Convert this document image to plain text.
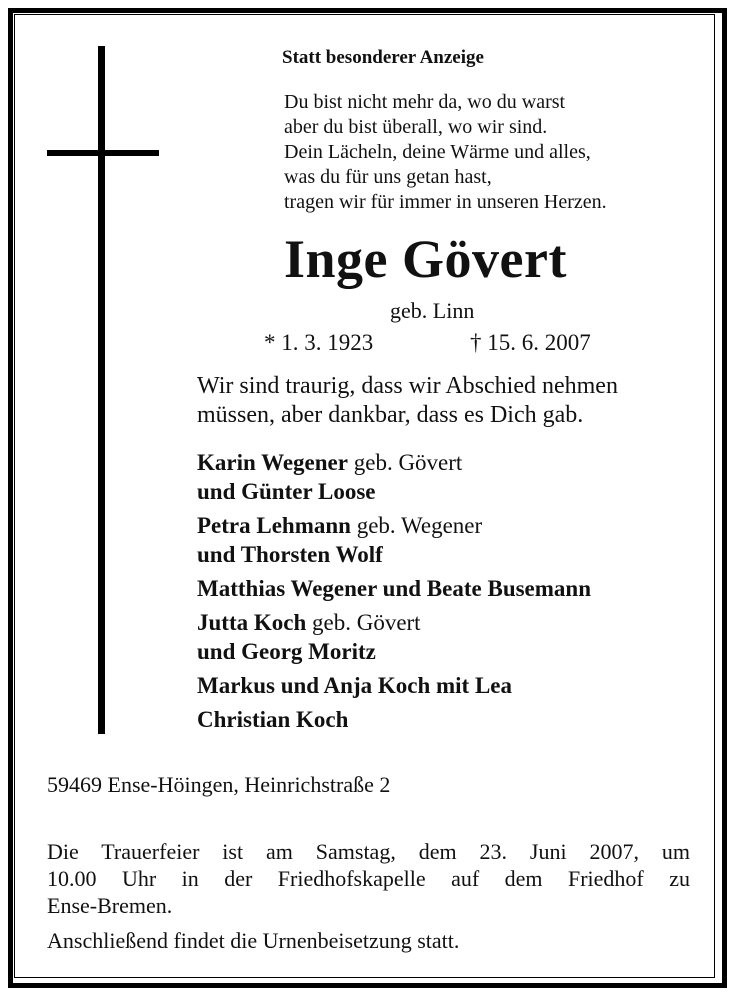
Statt besonderer Anzeige
Du bist nicht mehr da, wo du warst
aber du bist überall, wo wir sind.
Dein Lächeln, deine Wärme und alles,
was du für uns getan hast,
tragen wir für immer in unseren Herzen.
Inge Gövert
geb. Linn
* 1. 3. 1923	† 15. 6. 2007
Wir sind traurig, dass wir Abschied nehmen
müssen, aber dankbar, dass es Dich gab.
Karin Wegener geb. Gövert
und Günter Loose
Petra Lehmann geb. Wegener
und Thorsten Wolf
Matthias Wegener und Beate Busemann
Jutta Koch geb. Gövert
und Georg Moritz
Markus und Anja Koch mit Lea
Christian Koch
59469 Ense-Höingen, Heinrichstraße 2
Die Trauerfeier ist am Samstag, dem 23. Juni 2007, um
10.00 Uhr in der Friedhofskapelle auf dem Friedhof zu
Ense-Bremen.
Anschließend findet die Urnenbeisetzung statt.
